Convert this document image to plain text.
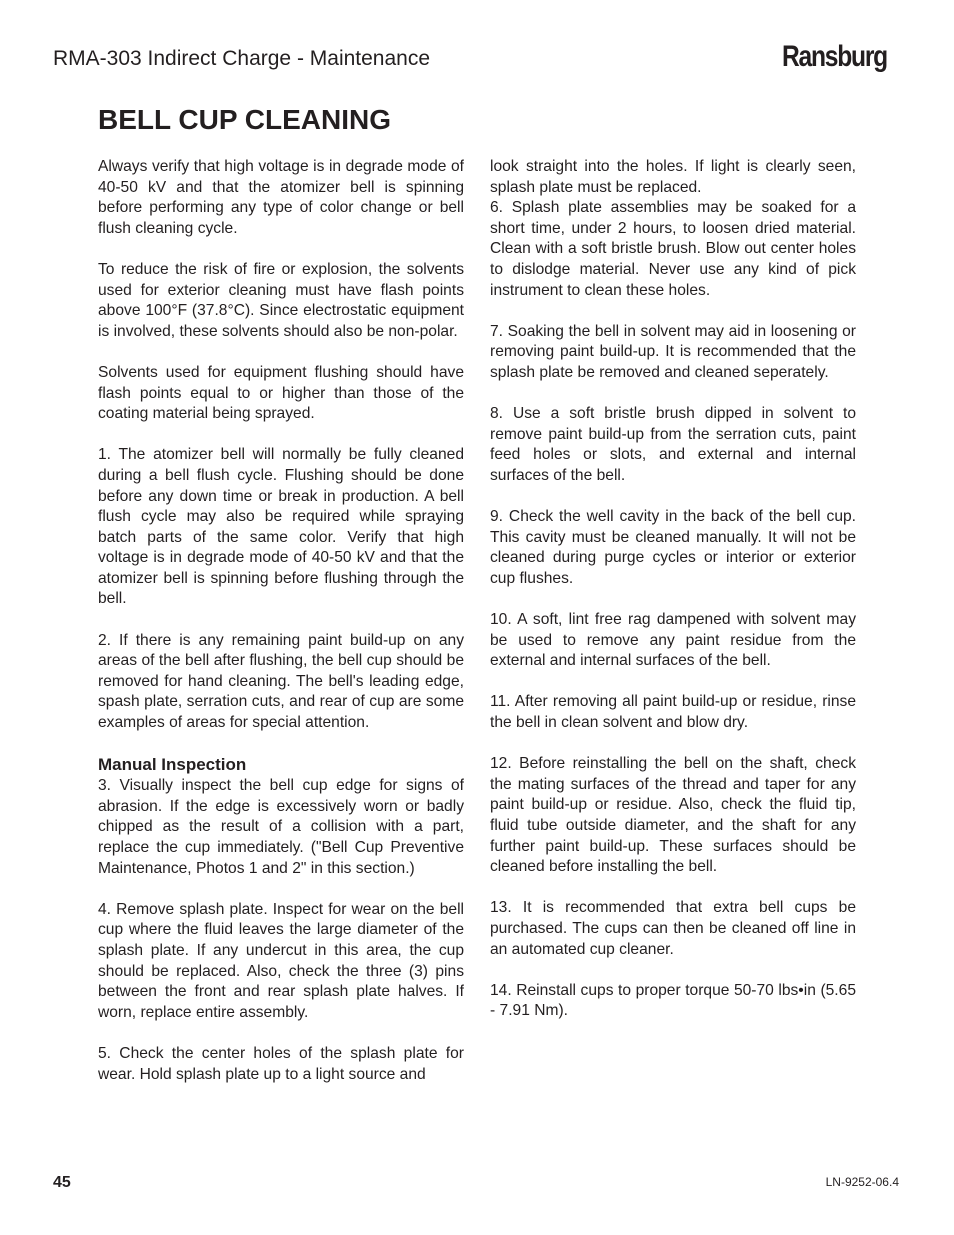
RMA-303 Indirect Charge - Maintenance	Ransburg
BELL CUP CLEANING

Always verify that high voltage is in degrade mode of 40-50 kV and that the atomizer bell is spinning before performing any type of color change or bell flush cleaning cycle.

To reduce the risk of fire or explosion, the solvents used for exterior cleaning must have flash points above 100°F (37.8°C). Since electrostatic equipment is involved, these solvents should also be non-polar.

Solvents used for equipment flushing should have flash points equal to or higher than those of the coating material being sprayed.

1. The atomizer bell will normally be fully cleaned during a bell flush cycle. Flushing should be done before any down time or break in production. A bell flush cycle may also be required while spraying batch parts of the same color. Verify that high voltage is in degrade mode of 40-50 kV and that the atomizer bell is spinning before flushing through the bell.

2. If there is any remaining paint build-up on any areas of the bell after flushing, the bell cup should be removed for hand cleaning. The bell's leading edge, spash plate, serration cuts, and rear of cup are some examples of areas for special attention.

Manual Inspection

3. Visually inspect the bell cup edge for signs of abrasion. If the edge is excessively worn or badly chipped as the result of a collision with a part, replace the cup immediately. ("Bell Cup Preventive Maintenance, Photos 1 and 2" in this section.)

4. Remove splash plate. Inspect for wear on the bell cup where the fluid leaves the large diameter of the splash plate. If any undercut in this area, the cup should be replaced. Also, check the three (3) pins between the front and rear splash plate halves. If worn, replace entire assembly.

5. Check the center holes of the splash plate for wear. Hold splash plate up to a light source and

look straight into the holes. If light is clearly seen, splash plate must be replaced.

6. Splash plate assemblies may be soaked for a short time, under 2 hours, to loosen dried material. Clean with a soft bristle brush. Blow out center holes to dislodge material. Never use any kind of pick instrument to clean these holes.

7. Soaking the bell in solvent may aid in loosening or removing paint build-up. It is recommended that the splash plate be removed and cleaned seperately.

8. Use a soft bristle brush dipped in solvent to remove paint build-up from the serration cuts, paint feed holes or slots, and external and internal surfaces of the bell.

9. Check the well cavity in the back of the bell cup. This cavity must be cleaned manually. It will not be cleaned during purge cycles or interior or exterior cup flushes.

10. A soft, lint free rag dampened with solvent may be used to remove any paint residue from the external and internal surfaces of the bell.

11. After removing all paint build-up or residue, rinse the bell in clean solvent and blow dry.

12. Before reinstalling the bell on the shaft, check the mating surfaces of the thread and taper for any paint build-up or residue. Also, check the fluid tip, fluid tube outside diameter, and the shaft for any further paint build-up. These surfaces should be cleaned before installing the bell.

13. It is recommended that extra bell cups be purchased. The cups can then be cleaned off line in an automated cup cleaner.

14. Reinstall cups to proper torque 50-70 lbs•in (5.65 - 7.91 Nm).

45	LN-9252-06.4
